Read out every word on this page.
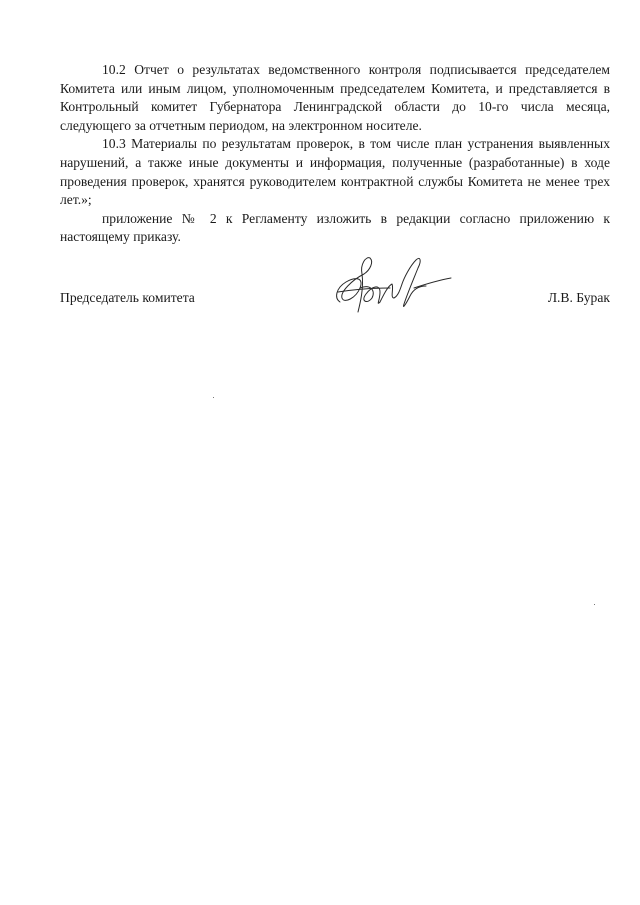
10.2 Отчет о результатах ведомственного контроля подписывается председателем Комитета или иным лицом, уполномоченным председателем Комитета, и представляется в Контрольный комитет Губернатора Ленинградской области до 10-го числа месяца, следующего за отчетным периодом, на электронном носителе.

10.3 Материалы по результатам проверок, в том числе план устранения выявленных нарушений, а также иные документы и информация, полученные (разработанные) в ходе проведения проверок, хранятся руководителем контрактной службы Комитета не менее трех лет.»;

приложение № 2 к Регламенту изложить в редакции согласно приложению к настоящему приказу.

Председатель комитета	Л.В. Бурак
